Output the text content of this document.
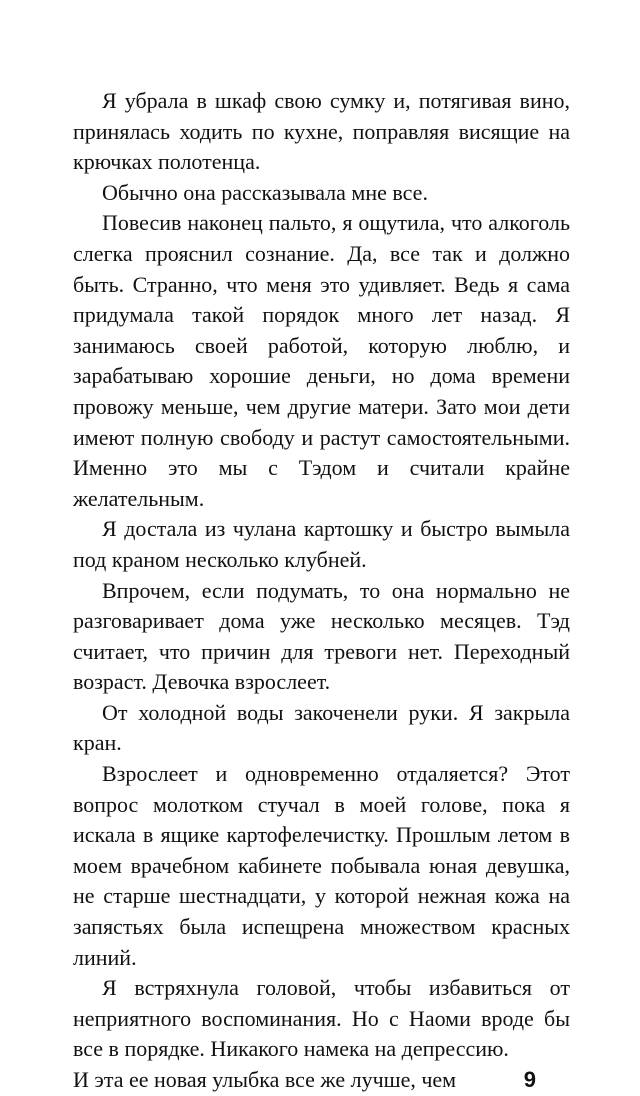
Я убрала в шкаф свою сумку и, потягивая вино, принялась ходить по кухне, поправляя висящие на крючках полотенца.

Обычно она рассказывала мне все.

Повесив наконец пальто, я ощутила, что алкоголь слегка прояснил сознание. Да, все так и должно быть. Странно, что меня это удивляет. Ведь я сама придумала такой порядок много лет назад. Я занимаюсь своей работой, которую люблю, и зарабатываю хорошие деньги, но дома времени провожу меньше, чем другие матери. Зато мои дети имеют полную свободу и растут самостоятельными. Именно это мы с Тэдом и считали крайне желательным.

Я достала из чулана картошку и быстро вымыла под краном несколько клубней.

Впрочем, если подумать, то она нормально не разговаривает дома уже несколько месяцев. Тэд считает, что причин для тревоги нет. Переходный возраст. Девочка взрослеет.

От холодной воды закоченели руки. Я закрыла кран.

Взрослеет и одновременно отдаляется? Этот вопрос молотком стучал в моей голове, пока я искала в ящике картофелечистку. Прошлым летом в моем врачебном кабинете побывала юная девушка, не старше шестнадцати, у которой нежная кожа на запястьях была испещрена множеством красных линий.

Я встряхнула головой, чтобы избавиться от неприятного воспоминания. Но с Наоми вроде бы все в порядке. Никакого намека на депрессию.

И эта ее новая улыбка все же лучше, чем	9
